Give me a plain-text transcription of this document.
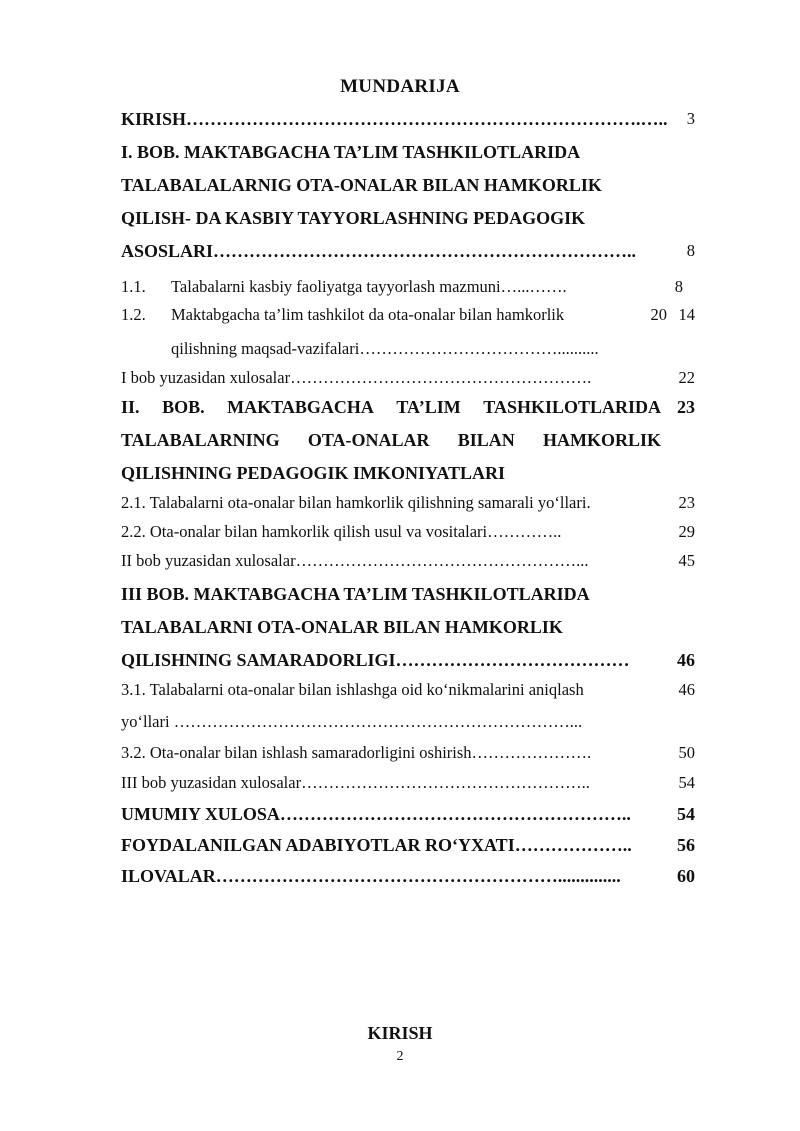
MUNDARIJA
KIRISH………………………………………………………………….….. 3
I. BOB. MAKTABGACHA TA’LIM TASHKILOTLARIDA
TALABALALARNIG OTA-ONALAR BILAN HAMKORLIK
QILISH- DA KASBIY TAYYORLASHNING PEDAGOGIK
ASOSLARI……………………………………………………………..	8
1.1. Talabalarni kasbiy faoliyatga tayyorlash mazmuni…...…….	8
1.2. Maktabgacha ta’lim tashkilot da ota-onalar bilan hamkorlik	20 14
qilishning maqsad-vazifalari………………………………..........
I bob yuzasidan xulosalar……………………………………………….	22
II. BOB. MAKTABGACHA TA’LIM TASHKILOTLARIDA 23
TALABALARNING OTA-ONALAR BILAN HAMKORLIK
QILISHNING PEDAGOGIK IMKONIYATLARI
2.1. Talabalarni ota-onalar bilan hamkorlik qilishning samarali yo‘llari.	23
2.2. Ota-onalar bilan hamkorlik qilish usul va vositalari…………..	29
II bob yuzasidan xulosalar……………………………………………...	45
III BOB. MAKTABGACHA TA’LIM TASHKILOTLARIDA
TALABALARNI OTA-ONALAR BILAN HAMKORLIK
QILISHNING SAMARADORLIGI…………………………………	46
3.1. Talabalarni ota-onalar bilan ishlashga oid ko‘nikmalarini aniqlash	46
yo‘llari ………………………………………………………………...
3.2. Ota-onalar bilan ishlash samaradorligini oshirish………………….	50
III bob yuzasidan xulosalar……………………………………………..	54
UMUMIY XULOSA…………………………………………………..	54
FOYDALANILGAN ADABIYOTLAR RO‘YXATI………………..	56
ILOVALAR…………………………………………………..............	60
KIRISH
2
